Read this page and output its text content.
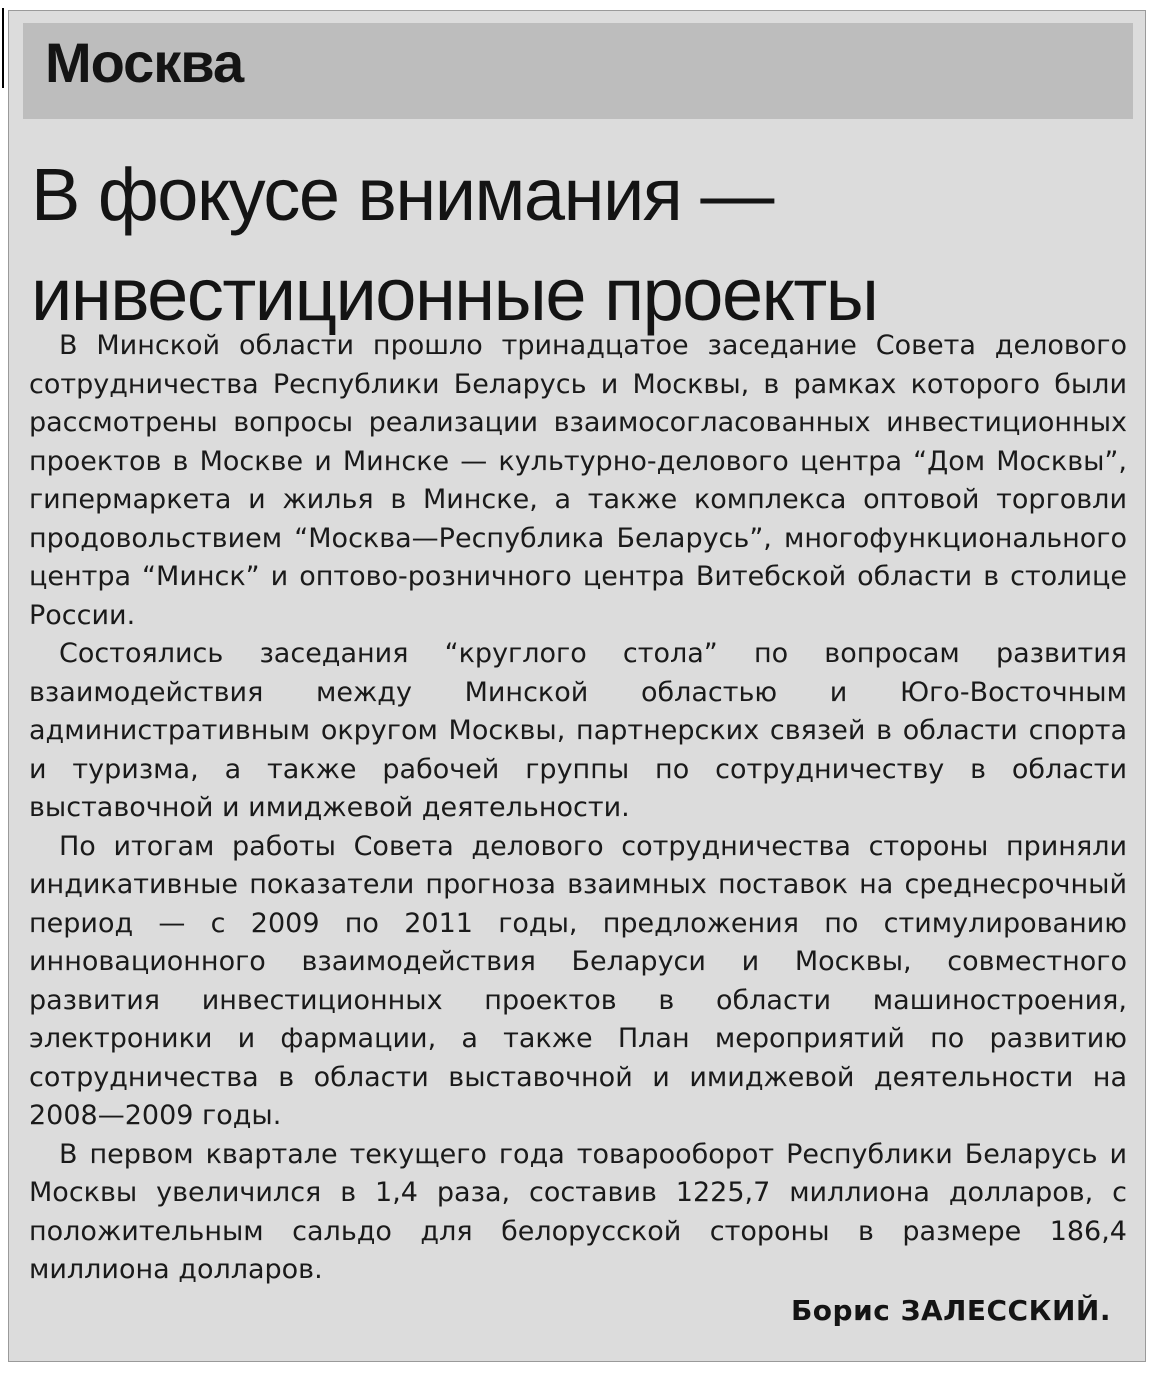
Москва
В фокусе внимания —
инвестиционные проекты

В Минской области прошло тринадцатое заседание Совета делового сотрудничества Республики Беларусь и Москвы, в рамках которого были рассмотрены вопросы реализации взаимосогласованных инвестиционных проектов в Москве и Минске — культурно-делового центра “Дом Москвы”, гипермаркета и жилья в Минске, а также комплекса оптовой торговли продовольствием “Москва—Республика Беларусь”, многофункционального центра “Минск” и оптово-розничного центра Витебской области в столице России.

Состоялись заседания “круглого стола” по вопросам развития взаимодействия между Минской областью и Юго-Восточным административным округом Москвы, партнерских связей в области спорта и туризма, а также рабочей группы по сотрудничеству в области выставочной и имиджевой деятельности.

По итогам работы Совета делового сотрудничества стороны приняли индикативные показатели прогноза взаимных поставок на среднесрочный период — с 2009 по 2011 годы, предложения по стимулированию инновационного взаимодействия Беларуси и Москвы, совместного развития инвестиционных проектов в области машиностроения, электроники и фармации, а также План мероприятий по развитию сотрудничества в области выставочной и имиджевой деятельности на 2008—2009 годы.

В первом квартале текущего года товарооборот Республики Беларусь и Москвы увеличился в 1,4 раза, составив 1225,7 миллиона долларов, с положительным сальдо для белорусской стороны в размере 186,4 миллиона долларов.

Борис ЗАЛЕССКИЙ.
